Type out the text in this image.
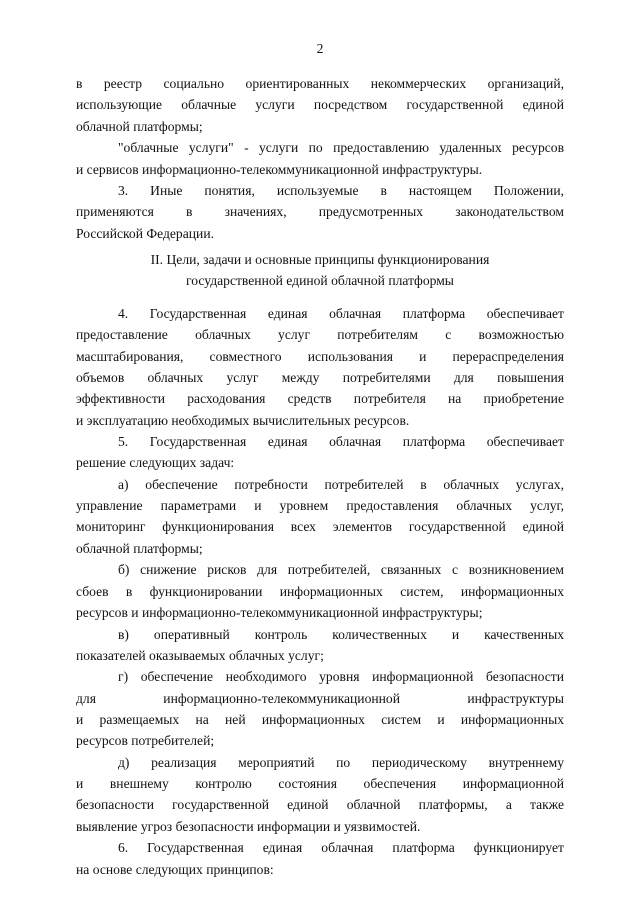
2
в реестр социально ориентированных некоммерческих организаций,
использующие облачные услуги посредством государственной единой
облачной платформы;
"облачные услуги" - услуги по предоставлению удаленных ресурсов
и сервисов информационно-телекоммуникационной инфраструктуры.
3. Иные понятия, используемые в настоящем Положении,
применяются в значениях, предусмотренных законодательством
Российской Федерации.
II. Цели, задачи и основные принципы функционирования
государственной единой облачной платформы
4. Государственная единая облачная платформа обеспечивает
предоставление облачных услуг потребителям с возможностью
масштабирования, совместного использования и перераспределения
объемов облачных услуг между потребителями для повышения
эффективности расходования средств потребителя на приобретение
и эксплуатацию необходимых вычислительных ресурсов.
5. Государственная единая облачная платформа обеспечивает
решение следующих задач:
а) обеспечение потребности потребителей в облачных услугах,
управление параметрами и уровнем предоставления облачных услуг,
мониторинг функционирования всех элементов государственной единой
облачной платформы;
б) снижение рисков для потребителей, связанных с возникновением
сбоев в функционировании информационных систем, информационных
ресурсов и информационно-телекоммуникационной инфраструктуры;
в) оперативный контроль количественных и качественных
показателей оказываемых облачных услуг;
г) обеспечение необходимого уровня информационной безопасности
для информационно-телекоммуникационной инфраструктуры
и размещаемых на ней информационных систем и информационных
ресурсов потребителей;
д) реализация мероприятий по периодическому внутреннему
и внешнему контролю состояния обеспечения информационной
безопасности государственной единой облачной платформы, а также
выявление угроз безопасности информации и уязвимостей.
6. Государственная единая облачная платформа функционирует
на основе следующих принципов:
